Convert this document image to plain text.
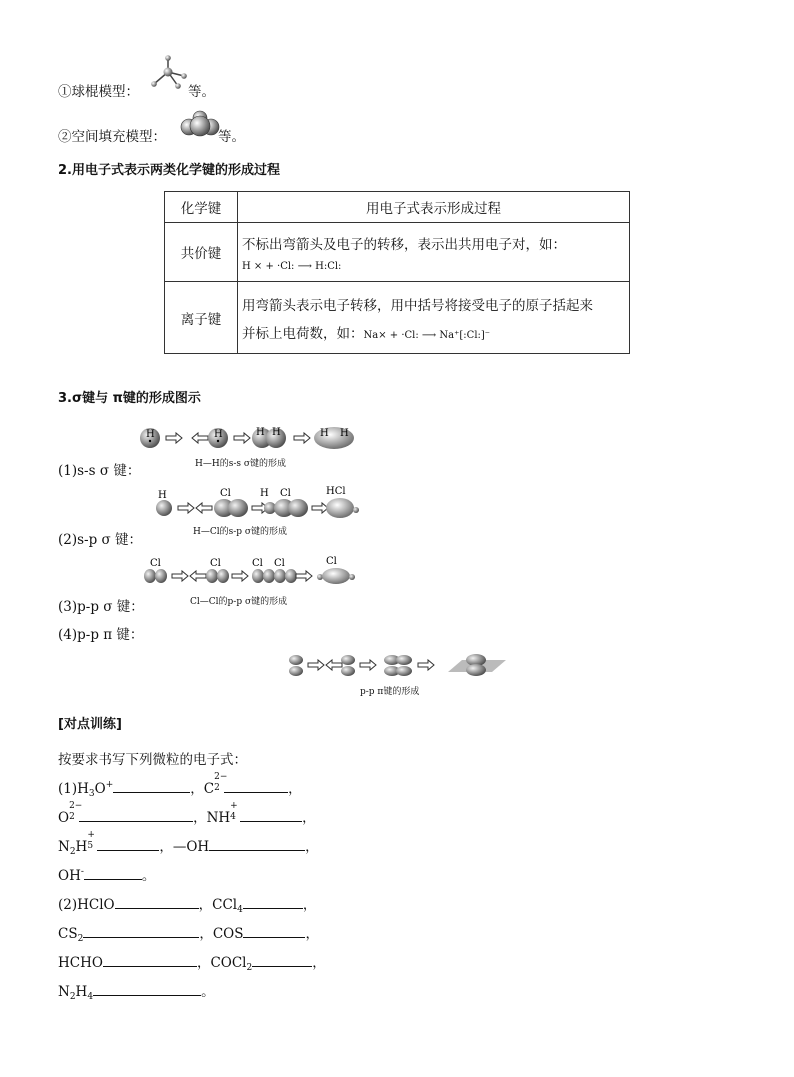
①球棍模型：	等。
②空间填充模型：	等。
2.用电子式表示两类化学键的形成过程
化学键	用电子式表示形成过程
共价键	不标出弯箭头及电子的转移，表示出共用电子对，如：
H × + ·Cl: ⟶ H:Cl:

离子键	用弯箭头表示电子转移，用中括号将接受电子的原子括起来
并标上电荷数，如：Na× + ·Cl: ⟶ Na⁺[:Cl:]⁻
3.σ键与 π键的形成图示
H	H	H H	H H
H—H的s-s σ键的形成
(1)s-s σ 键：
H	Cl	H Cl	HCl
H—Cl的s-p σ键的形成
(2)s-p σ 键：
Cl	Cl	Cl Cl	Cl
Cl—Cl的p-p σ键的形成
(3)p-p σ 键：
(4)p-p π 键：
p-p π键的形成
[对点训练]
按要求书写下列微粒的电子式：
$(1)H_3O^+$	，C
2−
2	，
O
2−
2	，NH
+
4	，
$N_2H$
+
5	，—OH	，
OH-	。
(2)HClO	，CCl$_4$	，
$CS_2$	，COS	，
HCHO	，COCl$_2$	，
$N_2H_4$	。
